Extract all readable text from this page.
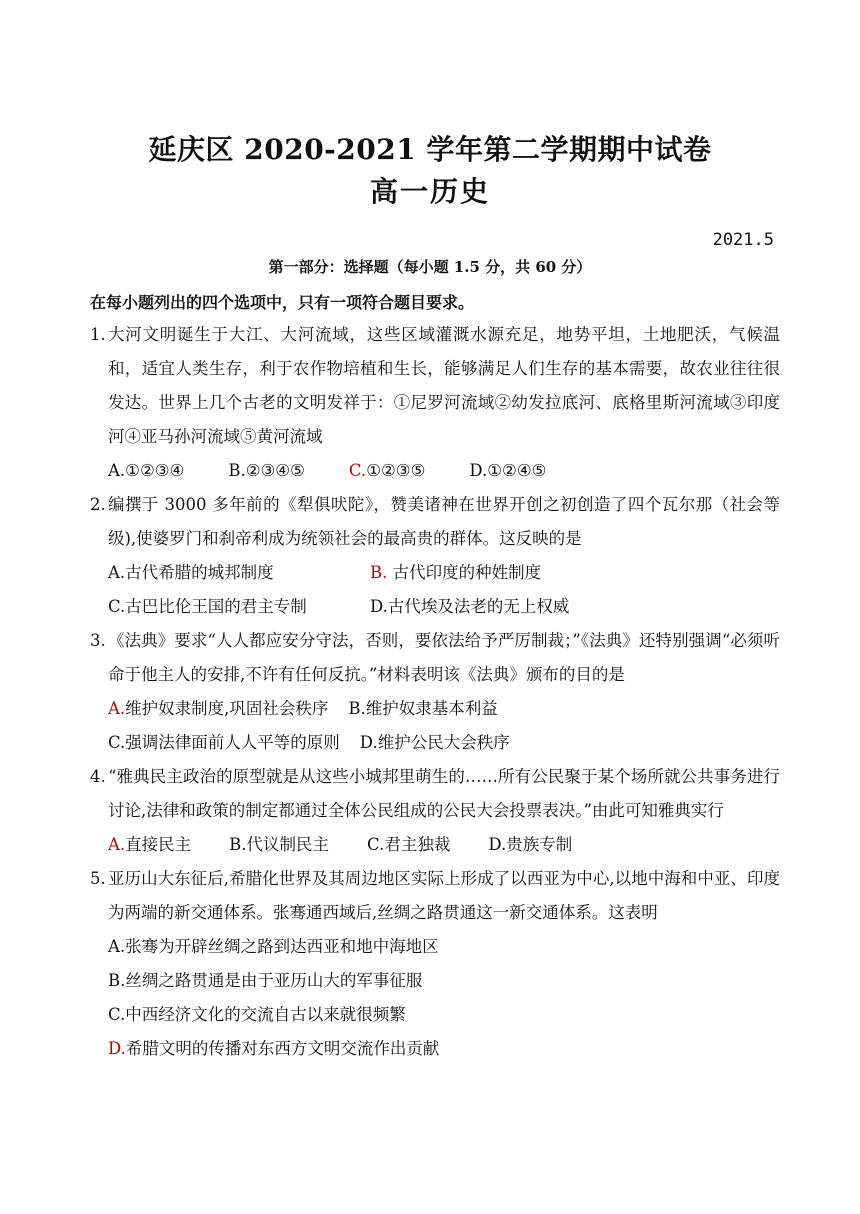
延庆区 2020-2021 学年第二学期期中试卷
高一历史
2021.5
第一部分：选择题（每小题 1.5 分，共 60 分）
在每小题列出的四个选项中，只有一项符合题目要求。
1. 大河文明诞生于大江、大河流域，这些区域灌溉水源充足，地势平坦，土地肥沃，气候温和，适宜人类生存，利于农作物培植和生长，能够满足人们生存的基本需要，故农业往往很发达。世界上几个古老的文明发祥于：①尼罗河流域②幼发拉底河、底格里斯河流域③印度河④亚马孙河流域⑤黄河流域
A.①②③④	B.②③④⑤	C.①②③⑤	D.①②④⑤
2. 编撰于 3000 多年前的《犁俱吠陀》，赞美诸神在世界开创之初创造了四个瓦尔那（社会等级),使婆罗门和刹帝利成为统领社会的最高贵的群体。这反映的是
A.古代希腊的城邦制度	B. 古代印度的种姓制度
C.古巴比伦王国的君主专制	D.古代埃及法老的无上权威
3. 《法典》要求“人人都应安分守法，否则，要依法给予严厉制裁；”《法典》还特别强调“必须听命于他主人的安排,不许有任何反抗。”材料表明该《法典》颁布的目的是
A.维护奴隶制度,巩固社会秩序 B.维护奴隶基本利益
C.强调法律面前人人平等的原则 D.维护公民大会秩序
4. “雅典民主政治的原型就是从这些小城邦里萌生的……所有公民聚于某个场所就公共事务进行讨论,法律和政策的制定都通过全体公民组成的公民大会投票表决。”由此可知雅典实行
A.直接民主 B.代议制民主 C.君主独裁 D.贵族专制
5. 亚历山大东征后,希腊化世界及其周边地区实际上形成了以西亚为中心,以地中海和中亚、印度为两端的新交通体系。张骞通西域后,丝绸之路贯通这一新交通体系。这表明
A.张骞为开辟丝绸之路到达西亚和地中海地区
B.丝绸之路贯通是由于亚历山大的军事征服
C.中西经济文化的交流自古以来就很频繁
D.希腊文明的传播对东西方文明交流作出贡献
